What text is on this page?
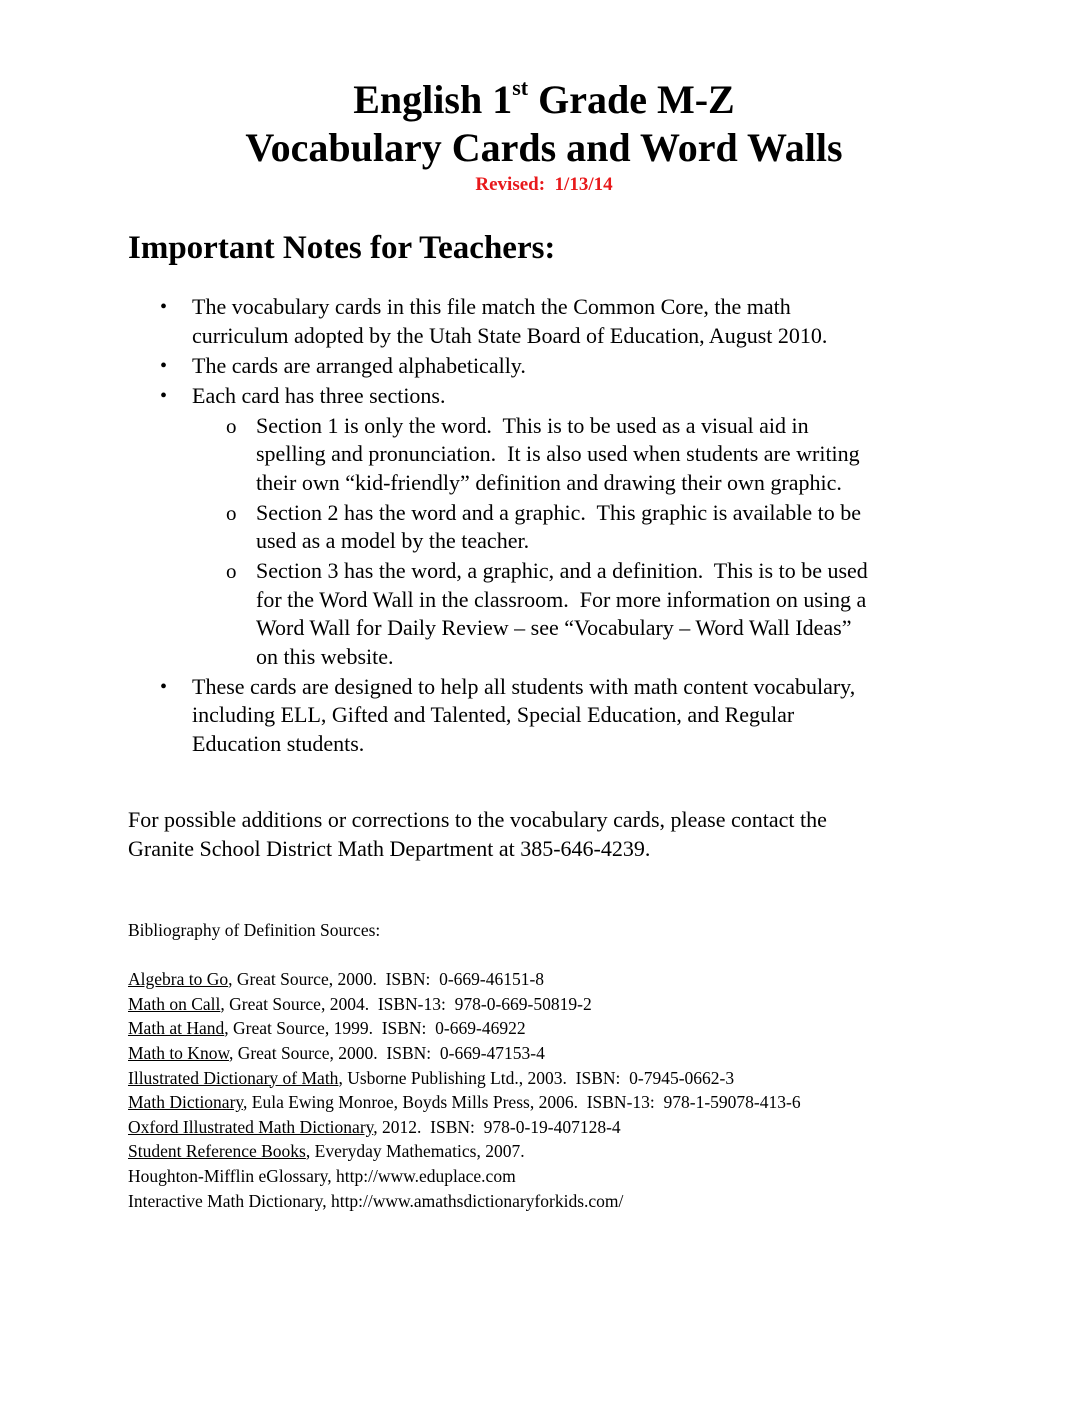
English 1st Grade M-Z
Vocabulary Cards and Word Walls
Revised:  1/13/14
Important Notes for Teachers:
• The vocabulary cards in this file match the Common Core, the math
curriculum adopted by the Utah State Board of Education, August 2010.
• The cards are arranged alphabetically.
• Each card has three sections.
o Section 1 is only the word.  This is to be used as a visual aid in
spelling and pronunciation.  It is also used when students are writing
their own “kid-friendly” definition and drawing their own graphic.
o Section 2 has the word and a graphic.  This graphic is available to be
used as a model by the teacher.
o Section 3 has the word, a graphic, and a definition.  This is to be used
for the Word Wall in the classroom.  For more information on using a
Word Wall for Daily Review – see “Vocabulary – Word Wall Ideas”
on this website.
• These cards are designed to help all students with math content vocabulary,
including ELL, Gifted and Talented, Special Education, and Regular
Education students.
For possible additions or corrections to the vocabulary cards, please contact the
Granite School District Math Department at 385-646-4239.
Bibliography of Definition Sources:
Algebra to Go, Great Source, 2000.  ISBN:  0-669-46151-8
Math on Call, Great Source, 2004.  ISBN-13:  978-0-669-50819-2
Math at Hand, Great Source, 1999.  ISBN:  0-669-46922
Math to Know, Great Source, 2000.  ISBN:  0-669-47153-4
Illustrated Dictionary of Math, Usborne Publishing Ltd., 2003.  ISBN:  0-7945-0662-3
Math Dictionary, Eula Ewing Monroe, Boyds Mills Press, 2006.  ISBN-13:  978-1-59078-413-6
Oxford Illustrated Math Dictionary, 2012.  ISBN:  978-0-19-407128-4
Student Reference Books, Everyday Mathematics, 2007.
Houghton-Mifflin eGlossary, http://www.eduplace.com
Interactive Math Dictionary, http://www.amathsdictionaryforkids.com/
